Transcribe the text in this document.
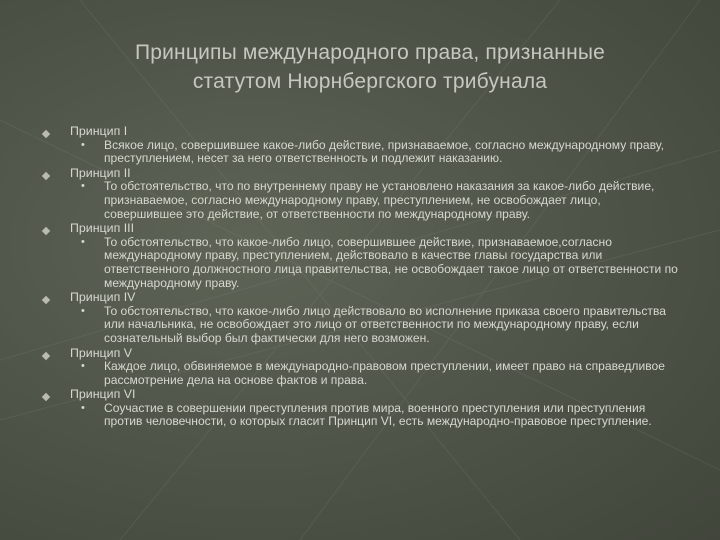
Принципы международного права, признанные
статутом Нюрнбергского трибунала
Принцип I
• Всякое лицо, совершившее какое-либо действие, признаваемое, согласно международному праву, преступлением, несет за него ответственность и подлежит наказанию.
Принцип II
• То обстоятельство, что по внутреннему праву не установлено наказания за какое-либо действие, признаваемое, согласно международному праву, преступлением, не освобождает лицо, совершившее это действие, от ответственности по международному праву.
Принцип III
• То обстоятельство, что какое-либо лицо, совершившее действие, признаваемое,согласно международному праву, преступлением, действовало в качестве главы государства или ответственного должностного лица правительства, не освобождает такое лицо от ответственности по международному праву.
Принцип IV
• То обстоятельство, что какое-либо лицо действовало во исполнение приказа своего правительства или начальника, не освобождает это лицо от ответственности по международному праву, если сознательный выбор был фактически для него возможен.
Принцип V
• Каждое лицо, обвиняемое в международно-правовом преступлении, имеет право на справедливое рассмотрение дела на основе фактов и права.
Принцип VI
• Соучастие в совершении преступления против мира, военного преступления или преступления против человечности, о которых гласит Принцип VI, есть международно-правовое преступление.
